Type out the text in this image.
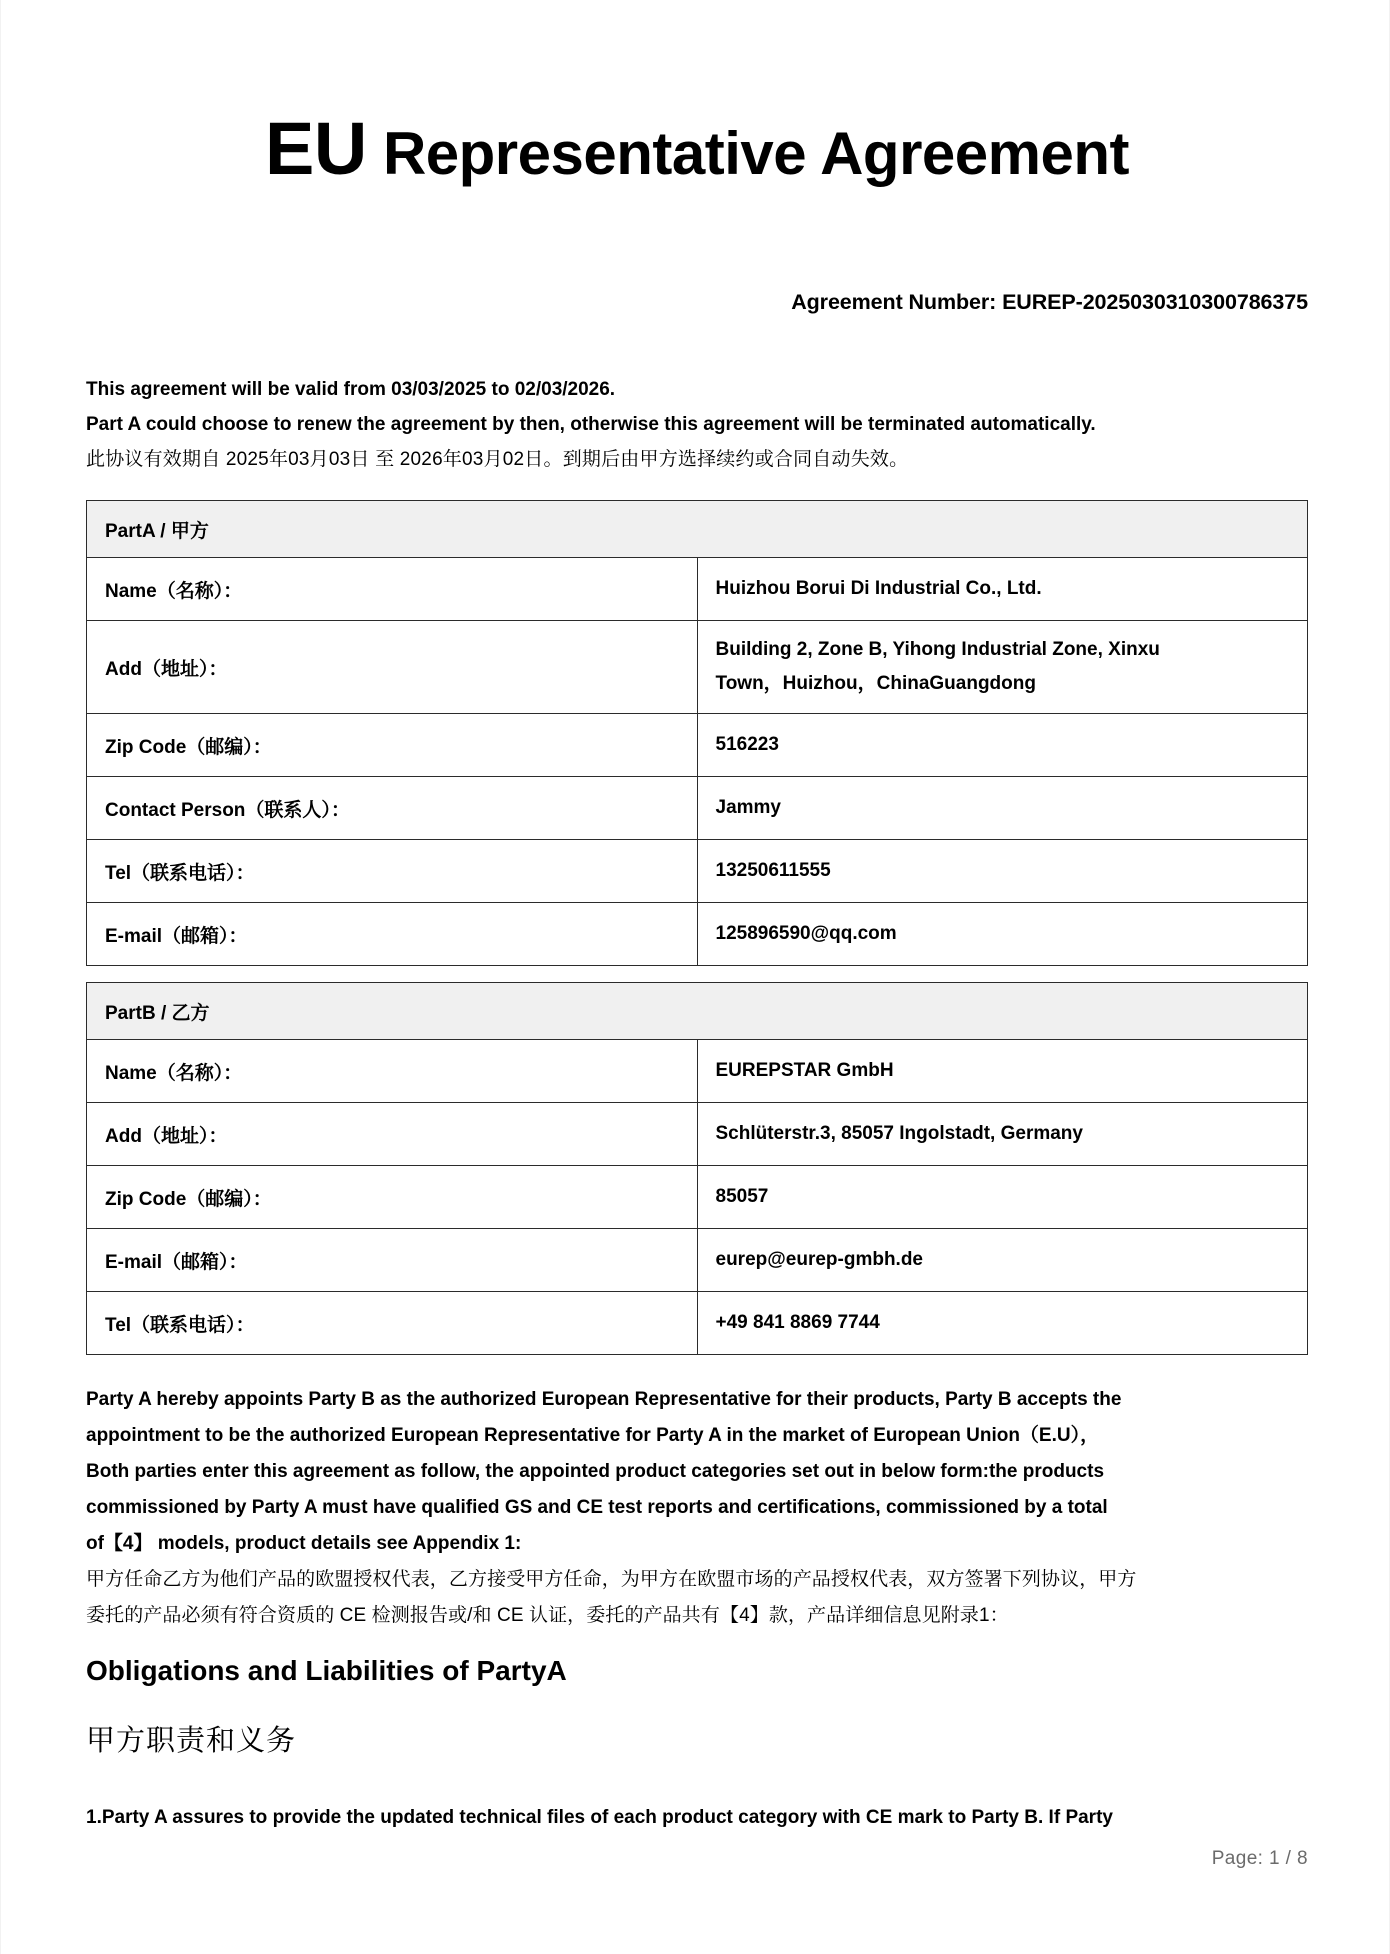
EU Representative Agreement
Agreement Number: EUREP-2025030310300786375
This agreement will be valid from 03/03/2025 to 02/03/2026.
Part A could choose to renew the agreement by then, otherwise this agreement will be terminated automatically.
此协议有效期自 2025年03月03日 至 2026年03月02日。到期后由甲方选择续约或合同自动失效。
PartA / 甲方	
Name（名称）：	Huizhou Borui Di Industrial Co., Ltd.
Add（地址）：	Building 2, Zone B, Yihong Industrial Zone, Xinxu
Town，Huizhou，ChinaGuangdong

Zip Code（邮编）：	516223
Contact Person（联系人）：	Jammy
Tel（联系电话）：	13250611555
E-mail（邮箱）：	125896590@qq.com
PartB / 乙方	
Name（名称）：	EUREPSTAR GmbH
Add（地址）：	Schlüterstr.3, 85057 Ingolstadt, Germany
Zip Code（邮编）：	85057
E-mail（邮箱）：	eurep@eurep-gmbh.de
Tel（联系电话）：	+49 841 8869 7744
Party A hereby appoints Party B as the authorized European Representative for their products, Party B accepts the
appointment to be the authorized European Representative for Party A in the market of European Union（E.U），
Both parties enter this agreement as follow, the appointed product categories set out in below form:the products
commissioned by Party A must have qualified GS and CE test reports and certifications, commissioned by a total
of【4】 models, product details see Appendix 1:
甲方任命乙方为他们产品的欧盟授权代表，乙方接受甲方任命，为甲方在欧盟市场的产品授权代表，双方签署下列协议，甲方
委托的产品必须有符合资质的 CE 检测报告或/和 CE 认证，委托的产品共有【4】款，产品详细信息见附录1：
Obligations and Liabilities of PartyA
甲方职责和义务
1.Party A assures to provide the updated technical files of each product category with CE mark to Party B. If Party
Page: 1 / 8
